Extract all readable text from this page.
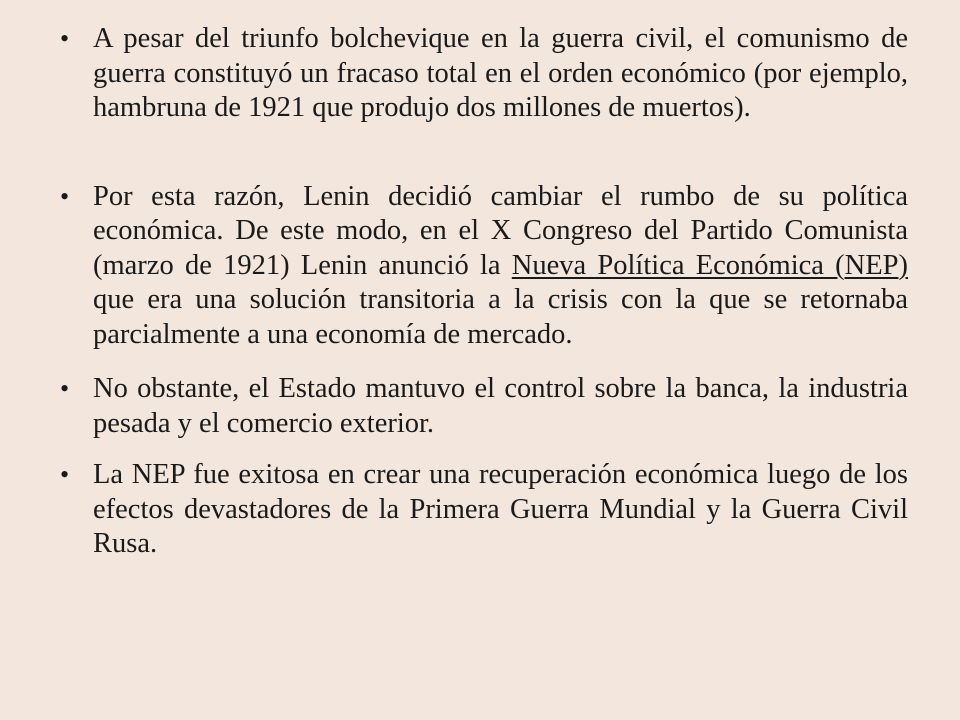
• A pesar del triunfo bolchevique en la guerra civil, el comunismo de guerra constituyó un fracaso total en el orden económico (por ejemplo, hambruna de 1921 que produjo dos millones de muertos).
• Por esta razón, Lenin decidió cambiar el rumbo de su política económica. De este modo, en el X Congreso del Partido Comunista (marzo de 1921) Lenin anunció la Nueva Política Económica (NEP) que era una solución transitoria a la crisis con la que se retornaba parcialmente a una economía de mercado.
• No obstante, el Estado mantuvo el control sobre la banca, la industria pesada y el comercio exterior.
• La NEP fue exitosa en crear una recuperación económica luego de los efectos devastadores de la Primera Guerra Mundial y la Guerra Civil Rusa.
